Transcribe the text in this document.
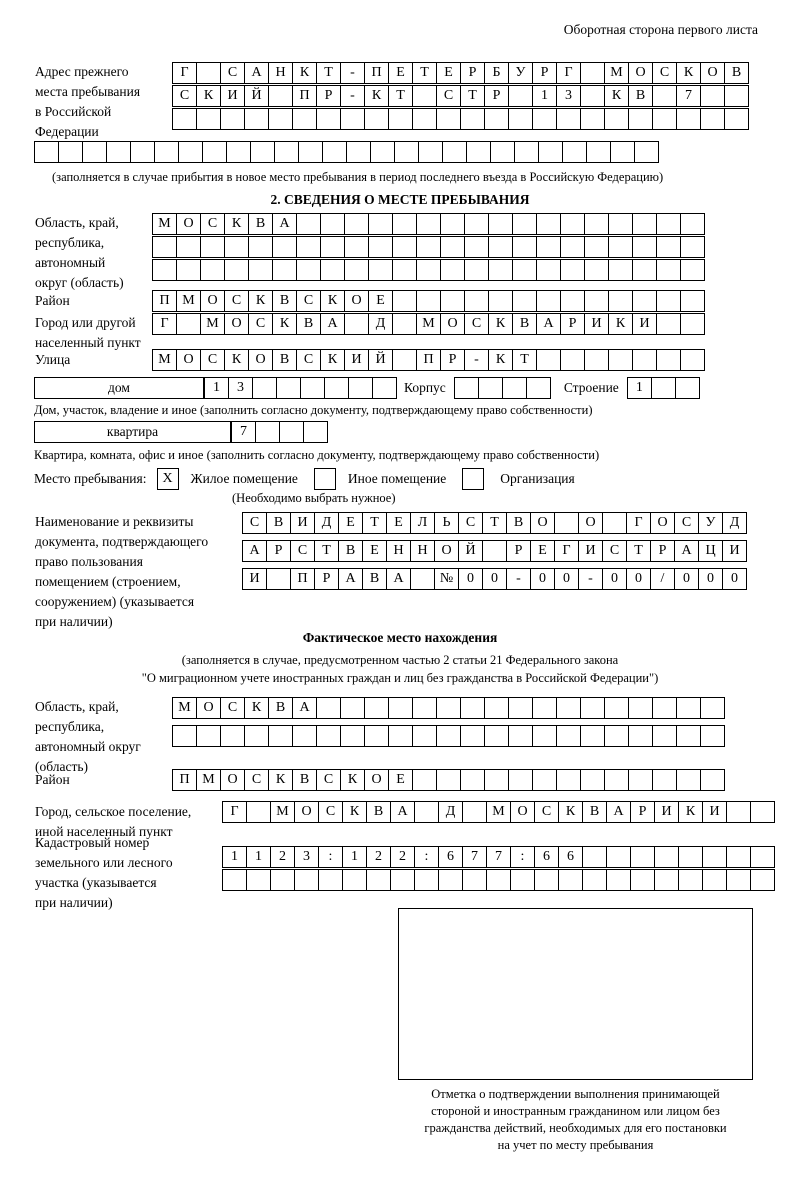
Оборотная сторона первого листа
Адрес прежнего
места пребывания
в Российской
Федерации
Г	С	А Н	К	Т	-	П	Е	Т	Е	Р	Б	У	Р	Г	М О	С	К	О	В
С	К	И Й	П	Р	-	К	Т	С	Т	Р	1	3	К	В	7
(заполняется в случае прибытия в новое место пребывания в период последнего въезда в Российскую Федерацию)
2. СВЕДЕНИЯ О МЕСТЕ ПРЕБЫВАНИЯ
Область, край,
республика,
автономный
округ (область)
М О	С	К	В	А
Район	П М О	С	К	В	С	К	О	Е
Город или другой
населенный пункт
Г	М О	С	К	В	А	Д	М О	С	К	В	А	Р	И	К	И
Улица	М О	С	К	О	В	С	К	И Й	П	Р	-	К	Т
дом	1	3	Корпус	Строение	1
Дом, участок, владение и иное (заполнить согласно документу, подтверждающему право собственности)
квартира	7
Квартира, комната, офис и иное (заполнить согласно документу, подтверждающему право собственности)
Место пребывания: X Жилое помещение	Иное помещение	Организация
(Необходимо выбрать нужное)
Наименование и реквизиты
документа, подтверждающего
право пользования
помещением (строением,
сооружением) (указывается
при наличии)
С	В	И	Д	Е	Т	Е	Л	Ь	С	Т	В	О	О	Г	О	С	У	Д
А	Р	С	Т	В	Е	Н Н О Й	Р	Е	Г	И	С	Т	Р	А Ц И
И	П	Р	А	В	А	№ 0	0	-	0	0	-	0	0	/	0	0	0
Фактическое место нахождения
(заполняется в случае, предусмотренном частью 2 статьи 21 Федерального закона
"О миграционном учете иностранных граждан и лиц без гражданства в Российской Федерации")
Область, край,
республика,
автономный округ
(область)
М О	С	К	В	А
Район	П М О	С	К	В	С	К	О	Е
Город, сельское поселение,
иной населенный пункт
Г	М О	С	К	В	А	Д	М О	С	К	В	А	Р	И	К	И
Кадастровый номер
земельного или лесного
участка (указывается
при наличии)
1	1	2	3	:	1	2	2	:	6	7	7	:	6	6
Отметка о подтверждении выполнения принимающей
стороной и иностранным гражданином или лицом без
гражданства действий, необходимых для его постановки
на учет по месту пребывания
